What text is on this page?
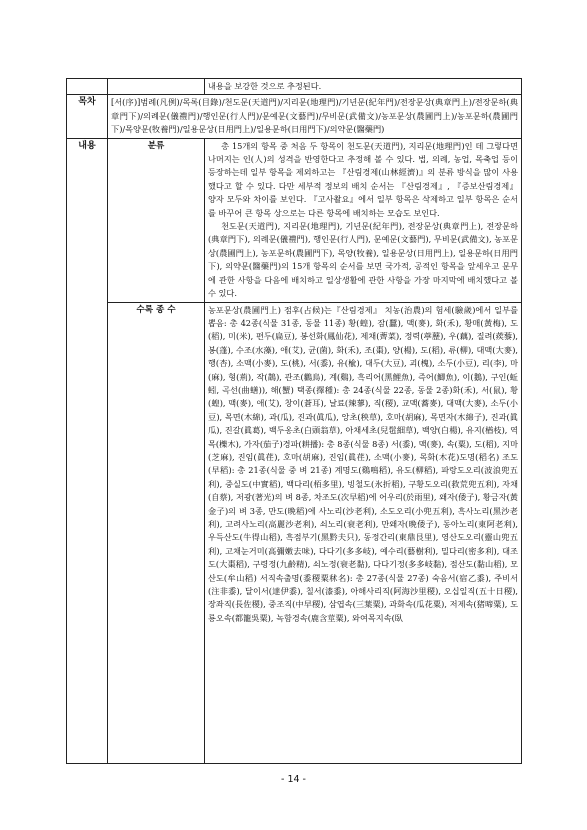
		내용을 보강한 것으로 추정된다.
목차	[서(序)]범례(凡例)/목록(目錄)/천도문(天道門)/지리문(地理門)/기년문(紀年門)/전장문상(典章門上)/전장문하(典章門下)/의례문(儀禮門)/행인문(行人門)/문예문(文藝門)/무비문(武備文)/농포문상(農圃門上)/농포문하(農圃門下)/목양문(牧養門)/일용문상(日用門上)/일용문하(日用門下)/의약문(醫藥門)	
내용	분류	총 15개의 항목 중 처음 두 항목이 천도문(天道門), 지리문(地理門)인 데 그렇다면 나머지는 인(人)의 성격을 반영한다고 추정해 볼 수 있다. 법, 의례, 농업, 목축업 등이 등장하는데 일부 항목을 제외하고는 『산림경제(山林經濟)』의 분류 방식을 많이 사용했다고 할 수 있다. 다만 세부적 정보의 배치 순서는 『산림경제』, 『증보산림경제』 양자 모두와 차이를 보인다. 『고사촬요』에서 일부 항목은 삭제하고 일부 항목은 순서를 바꾸어 큰 항목 상으로는 다른 항목에 배치하는 모습도 보인다.

천도문(天道門), 지리문(地理門), 기년문(紀年門), 전장문상(典章門上), 전장문하(典章門下), 의례문(儀禮門), 행인문(行人門), 문예문(文藝門), 무비문(武備文), 농포문상(農圃門上), 농포문하(農圃門下), 목양(牧養), 일용문상(日用門上), 일용문하(日用門下), 의약문(醫藥門)의 15개 항목의 순서를 보면 국가적, 공적인 항목을 앞세우고 문무에 관한 사항을 다음에 배치하고 일상생활에 관한 사항을 가장 마지막에 배치했다고 볼 수 있다.

	수록 종 수	농포문상(農圃門上) 점후(占候)는『산림경제』 치농(治農)의 험세(驗歲)에서 일부를 뽑음: 총 42종(식물 31종, 동물 11종) 황(蝗), 잠(蠶), 맥(麥), 화(禾), 황매(黃梅), 도(稻), 미(米), 편두(扁豆), 봉선화(鳳仙花), 제채(薺菜), 정력(葶藶), 우(藕), 질려(蒺藜), 봉(蓬), 수조(水藻), 애(艾), 균(菌), 화(禾), 조(棗), 양(楊), 도(稻), 류(柳), 대맥(大麥), 행(杏), 소맥(小麥), 도(桃), 서(黍), 유(楡), 대두(大豆), 괴(槐), 소두(小豆), 리(李), 마(麻), 형(荊), 작(鵲), 관조(鸛鳥), 계(鷄), 흑리어(黑鯉魚), 즉어(鯽魚), 이(鵝), 구인(蚯蚓, 곡선(曲蟮)), 해(蟹) 택종(擇種): 총 24종(식물 22종, 동물 2종)화(禾), 서(鼠), 황(蝗), 맥(麥), 애(艾), 창이(蒼耳), 날료(辣蓼), 직(稷), 교맥(蕎麥), 대맥(大麥), 소두(小豆), 목면(木綿), 과(瓜), 진과(眞瓜), 앙초(秧草), 호마(胡麻), 목면자(木綿子), 진과(眞瓜), 진갈(眞葛), 백두옹초(白頭翁草), 아채세초(兒髢細草), 백양(白楊), 유지(楢枝), 역목(櫟木), 가자(茄子)경파(耕播): 총 8종(식물 8종) 서(黍), 맥(麥), 속(粟), 도(稻), 지마(芝麻), 진임(眞荏), 호마(胡麻), 진임(眞荏), 소맥(小麥), 목화(木花)도명(稻名) 조도(早稻): 총 21종(식물 중 벼 21종) 계명도(鷄鳴稻), 유도(柳稻), 파랑도오리(波浪兜五利), 중실도(中實稻), 백다리(栢多里), 빙철도(氷折稻), 구황도오리(救荒兜五利), 자채(自蔡), 저광(著光)의 벼 8종, 차조도(次早稻)에 어우리(於雨里), 왜자(倭子), 황금자(黃金子)의 벼 3종, 만도(晩稻)에 사노리(沙老利), 소도오리(小兜五利), 흑사노리(黑沙老利), 고려사노리(高麗沙老利), 쇠노리(衰老利), 만왜자(晩倭子), 동아노리(東阿老利), 우득산도(牛得山稻), 흑점부기(黑黔夫只), 동정간리(東鼎艮里), 영산도오리(靈山兜五利), 고채눈거미(高彌嫩去味), 다다기(多多岐), 예수리(藝樹利), 밀다리(密多利), 대조도(大棗稻), 구령정(九齡精), 쇠노정(衰老黏), 다다기정(多多岐黏), 점산도(黏山稻), 모산도(牟山稻) 서직속출명(黍稷粟秫名): 총 27종(식물 27종) 숙음서(宿乙黍), 주비서(注非黍), 달이서(達伊黍), 칠서(漆黍), 아해사리직(阿海沙里稷), 오십일직(五十日稷), 장좌직(長佐稷), 중조직(中早稷), 삼엽속(三葉粟), 과화속(瓜花粟), 저제속(猪啼粟), 도룡오속(都籠吳粟), 녹함경속(鹿含莖粟), 와여목지속(臥
- 14 -
